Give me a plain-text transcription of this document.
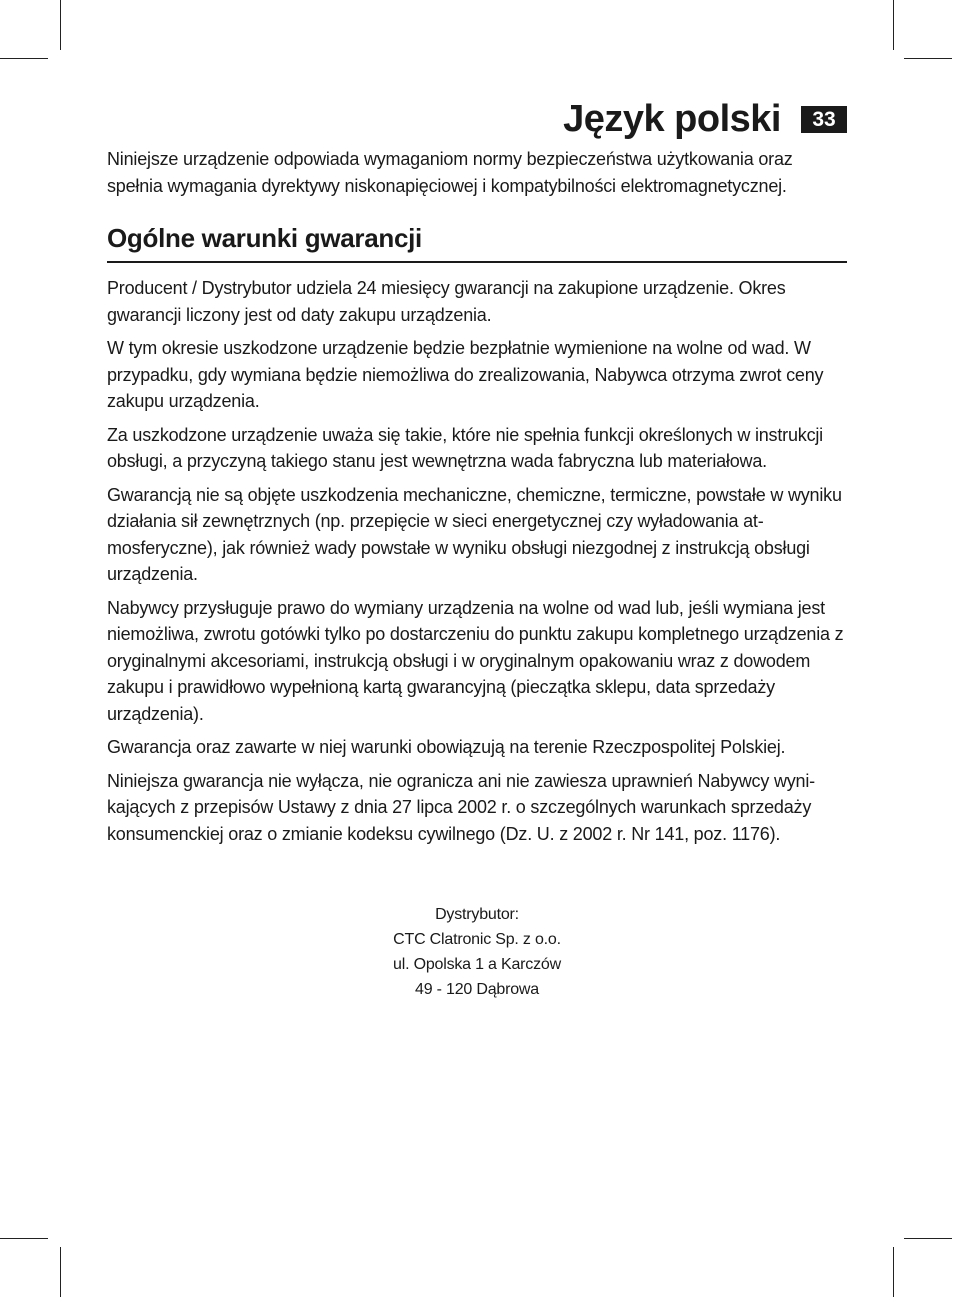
Język polski	33

Niniejsze urządzenie odpowiada wymaganiom normy bezpieczeństwa użytkowania oraz spełnia wymagania dyrektywy niskonapięciowej i kompatybilności elektromagnetycznej.

Ogólne warunki gwarancji

Producent / Dystrybutor udziela 24 miesięcy gwarancji na zakupione urządzenie. Okres gwarancji liczony jest od daty zakupu urządzenia.

W tym okresie uszkodzone urządzenie będzie bezpłatnie wymienione na wolne od wad. W przypadku, gdy wymiana będzie niemożliwa do zrealizowania, Nabywca otrzyma zwrot ceny zakupu urządzenia.

Za uszkodzone urządzenie uważa się takie, które nie spełnia funkcji określonych w instrukcji obsługi, a przyczyną takiego stanu jest wewnętrzna wada fabryczna lub materiałowa.

Gwarancją nie są objęte uszkodzenia mechaniczne, chemiczne, termiczne, powstałe w wyniku działania sił zewnętrznych (np. przepięcie w sieci energetycznej czy wyładowania atmosferyczne), jak również wady powstałe w wyniku obsługi niezgodnej z instrukcją obsługi urządzenia.

Nabywcy przysługuje prawo do wymiany urządzenia na wolne od wad lub, jeśli wymiana jest niemożliwa, zwrotu gotówki tylko po dostarczeniu do punktu zakupu kompletnego urządzenia z oryginalnymi akcesoriami, instrukcją obsługi i w oryginalnym opakowaniu wraz z dowodem zakupu i prawidłowo wypełnioną kartą gwarancyjną (pieczątka sklepu, data sprzedaży urządzenia).

Gwarancja oraz zawarte w niej warunki obowiązują na terenie Rzeczpospolitej Polskiej.

Niniejsza gwarancja nie wyłącza, nie ogranicza ani nie zawiesza uprawnień Nabywcy wynikających z przepisów Ustawy z dnia 27 lipca 2002 r. o szczególnych warunkach sprzedaży konsumenckiej oraz o zmianie kodeksu cywilnego (Dz. U. z 2002 r. Nr 141, poz. 1176).

Dystrybutor:
CTC Clatronic Sp. z o.o.
ul. Opolska 1 a Karczów
49 - 120 Dąbrowa
